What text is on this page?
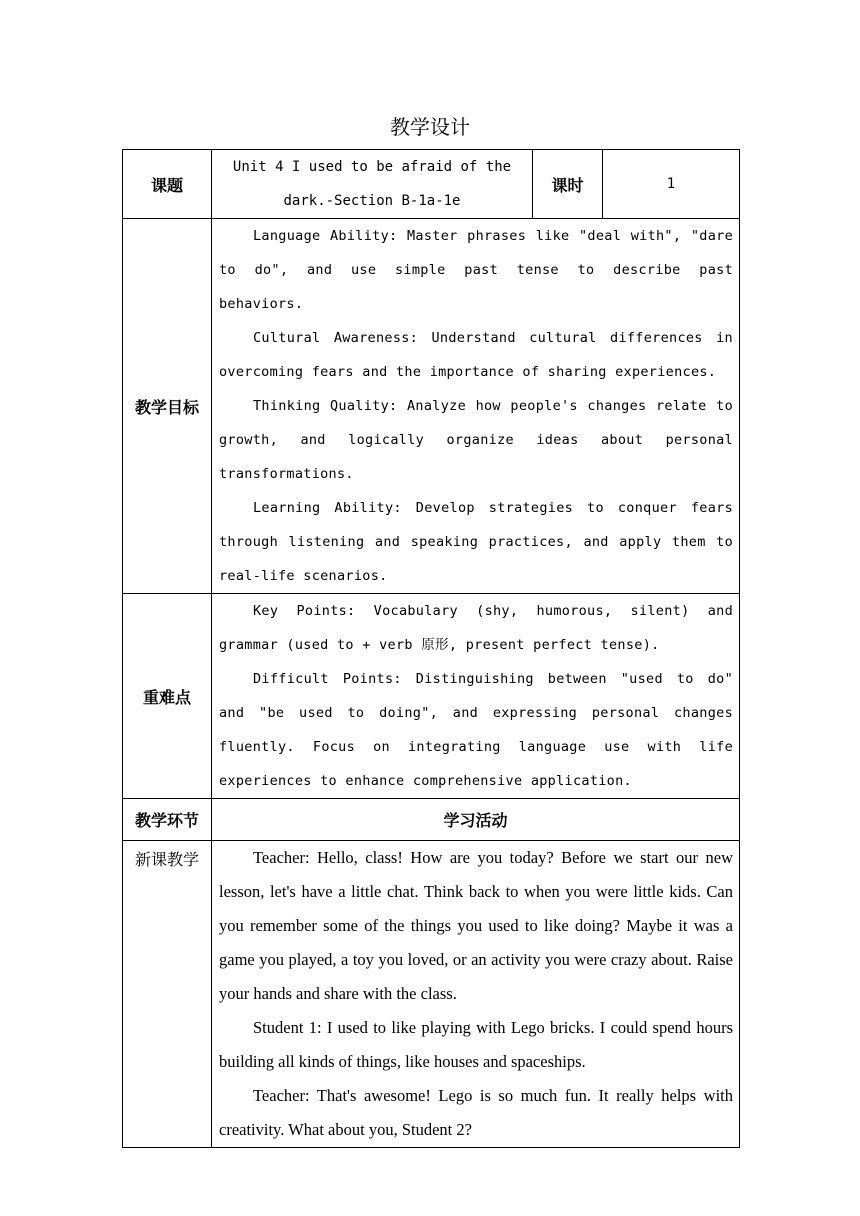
教学设计
课题	Unit 4 I used to be afraid of the dark.-Section B-1a-1e	课时	1
教学目标	Language Ability: Master phrases like "deal with", "dare to do", and use simple past tense to describe past behaviors.

Cultural Awareness: Understand cultural differences in overcoming fears and the importance of sharing experiences.

Thinking Quality: Analyze how people's changes relate to growth, and logically organize ideas about personal transformations.

Learning Ability: Develop strategies to conquer fears through listening and speaking practices, and apply them to real-life scenarios.		

重难点	Key Points: Vocabulary (shy, humorous, silent) and grammar (used to + verb 原形, present perfect tense).

Difficult Points: Distinguishing between "used to do" and "be used to doing", and expressing personal changes fluently. Focus on integrating language use with life experiences to enhance comprehensive application.		

教学环节	学习活动		
新课教学	Teacher: Hello, class! How are you today? Before we start our new lesson, let's have a little chat. Think back to when you were little kids. Can you remember some of the things you used to like doing? Maybe it was a game you played, a toy you loved, or an activity you were crazy about. Raise your hands and share with the class.

Student 1: I used to like playing with Lego bricks. I could spend hours building all kinds of things, like houses and spaceships.

Teacher: That's awesome! Lego is so much fun. It really helps with creativity. What about you, Student 2?		
